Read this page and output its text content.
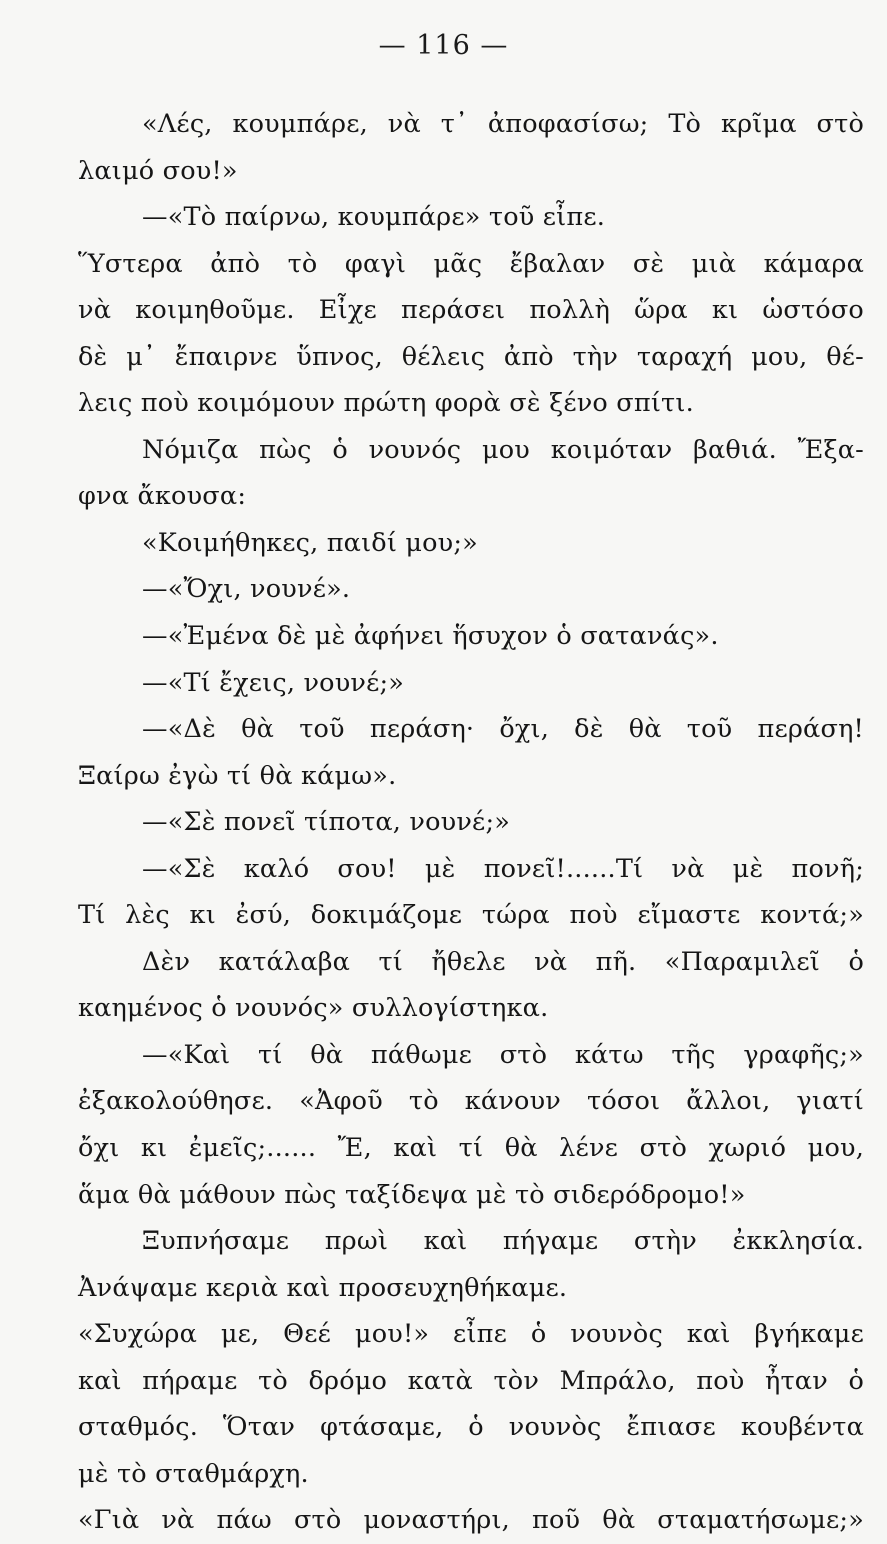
— 116 —
«Λές, κουμπάρε, νὰ τ᾽ ἀποφασίσω; Τὸ κρῖμα στὸ
λαιμό σου!»
—«Τὸ παίρνω, κουμπάρε» τοῦ εἶπε.
Ὕστερα ἀπὸ τὸ φαγὶ μᾶς ἔβαλαν σὲ μιὰ κάμαρα
νὰ κοιμηθοῦμε. Εἶχε περάσει πολλὴ ὥρα κι ὡστόσο
δὲ μ᾽ ἔπαιρνε ὕπνος, θέλεις ἀπὸ τὴν ταραχή μου, θέ-
λεις ποὺ κοιμόμουν πρώτη φορὰ σὲ ξένο σπίτι.
Νόμιζα πὼς ὁ νουνός μου κοιμόταν βαθιά. Ἔξα-
φνα ἄκουσα:
«Κοιμήθηκες, παιδί μου;»
—«Ὄχι, νουνέ».
—«Ἐμένα δὲ μὲ ἀφήνει ἥσυχον ὁ σατανάς».
—«Τί ἔχεις, νουνέ;»
—«Δὲ θὰ τοῦ περάση· ὄχι, δὲ θὰ τοῦ περάση!
Ξαίρω ἐγὼ τί θὰ κάμω».
—«Σὲ πονεῖ τίποτα, νουνέ;»
—«Σὲ καλό σου! μὲ πονεῖ!......Τί νὰ μὲ πονῆ;
Τί λὲς κι ἐσύ, δοκιμάζομε τώρα ποὺ εἴμαστε κοντά;»
Δὲν κατάλαβα τί ἤθελε νὰ πῆ. «Παραμιλεῖ ὁ
καημένος ὁ νουνός» συλλογίστηκα.
—«Καὶ τί θὰ πάθωμε στὸ κάτω τῆς γραφῆς;»
ἐξακολούθησε. «Ἀφοῦ τὸ κάνουν τόσοι ἄλλοι, γιατί
ὄχι κι ἐμεῖς;...... Ἔ, καὶ τί θὰ λένε στὸ χωριό μου,
ἅμα θὰ μάθουν πὼς ταξίδεψα μὲ τὸ σιδερόδρομο!»
Ξυπνήσαμε πρωὶ καὶ πήγαμε στὴν ἐκκλησία.
Ἀνάψαμε κεριὰ καὶ προσευχηθήκαμε.
«Συχώρα με, Θεέ μου!» εἶπε ὁ νουνὸς καὶ βγήκαμε
καὶ πήραμε τὸ δρόμο κατὰ τὸν Μπράλο, ποὺ ἦταν ὁ
σταθμός. Ὅταν φτάσαμε, ὁ νουνὸς ἔπιασε κουβέντα
μὲ τὸ σταθμάρχη.
«Γιὰ νὰ πάω στὸ μοναστήρι, ποῦ θὰ σταματήσωμε;»
